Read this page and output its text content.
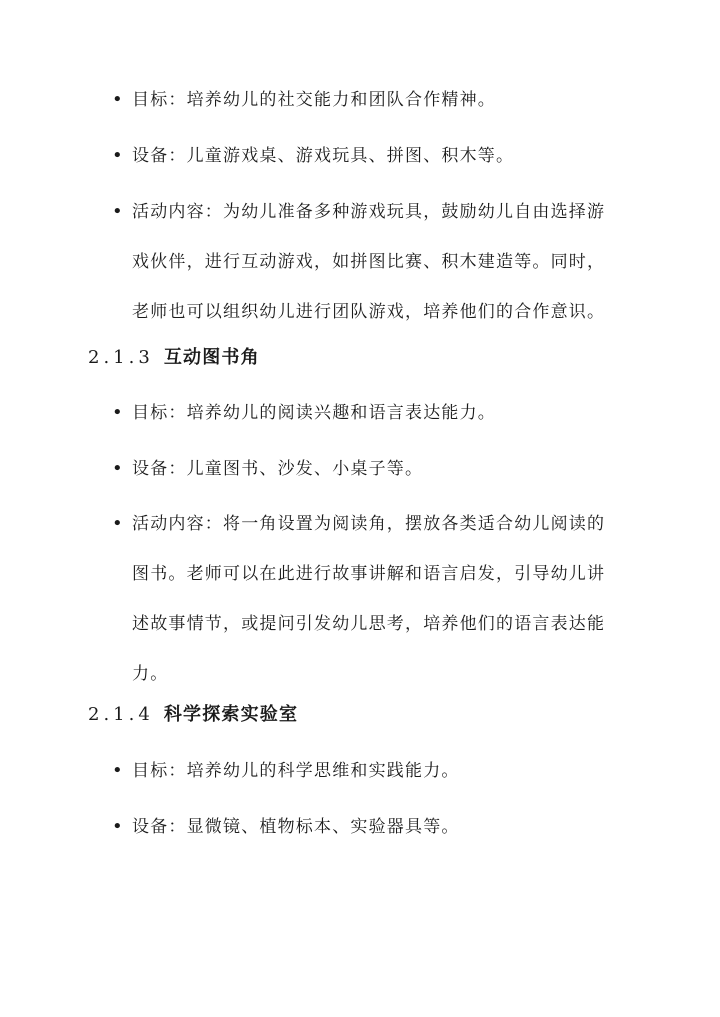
• 目标：培养幼儿的社交能力和团队合作精神。
• 设备：儿童游戏桌、游戏玩具、拼图、积木等。
• 活动内容：为幼儿准备多种游戏玩具，鼓励幼儿自由选择游戏伙伴，进行互动游戏，如拼图比赛、积木建造等。同时，老师也可以组织幼儿进行团队游戏，培养他们的合作意识。
2.1.3 互动图书角
• 目标：培养幼儿的阅读兴趣和语言表达能力。
• 设备：儿童图书、沙发、小桌子等。
• 活动内容：将一角设置为阅读角，摆放各类适合幼儿阅读的图书。老师可以在此进行故事讲解和语言启发，引导幼儿讲述故事情节，或提问引发幼儿思考，培养他们的语言表达能力。
2.1.4 科学探索实验室
• 目标：培养幼儿的科学思维和实践能力。
• 设备：显微镜、植物标本、实验器具等。
